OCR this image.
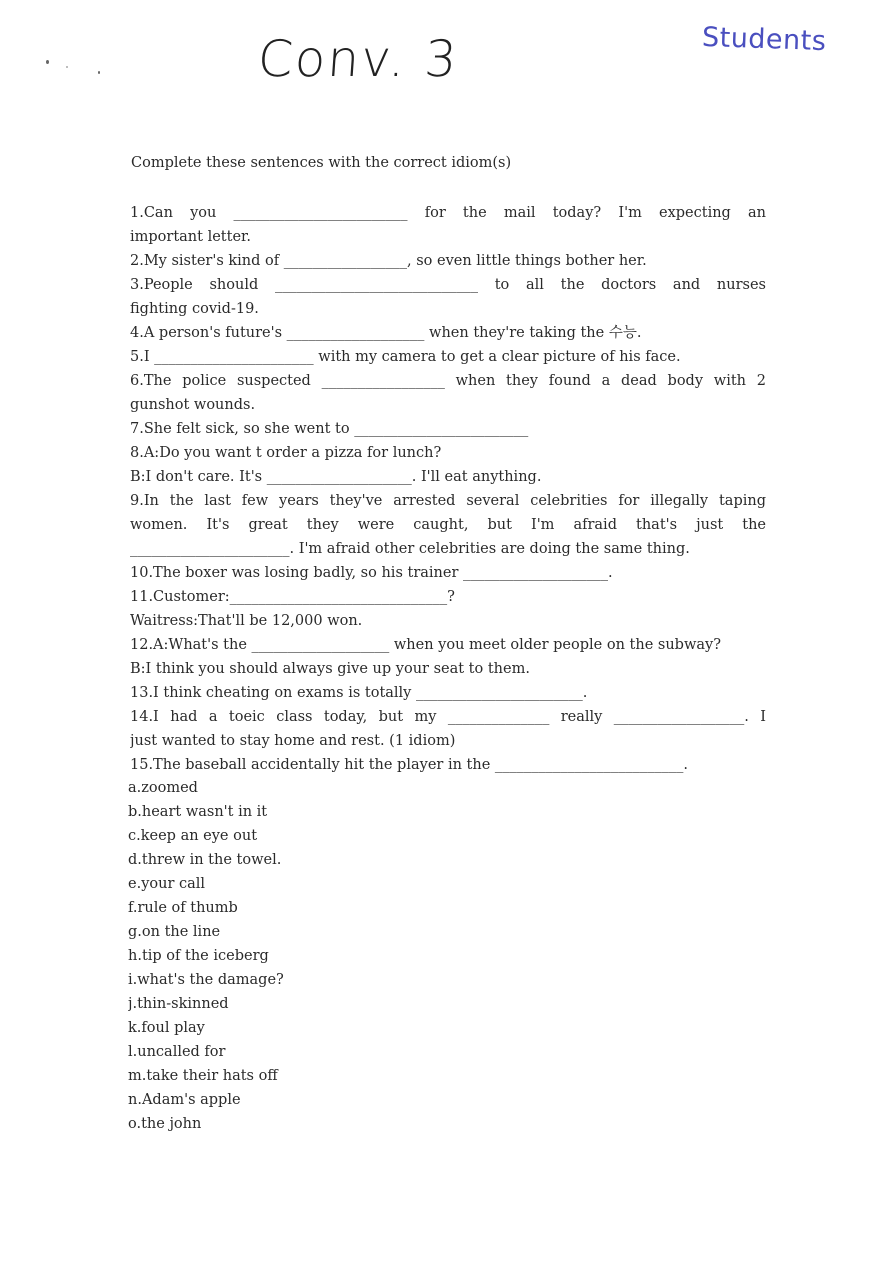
Conv. 3	Students
Complete these sentences with the correct idiom(s)
1.Can you ________________________ for the mail today? I'm expecting an
important letter.
2.My sister's kind of _________________, so even little things bother her.
3.People should ____________________________ to all the doctors and nurses
fighting covid-19.
4.A person's future's ___________________ when they're taking the 수능.
5.I ______________________ with my camera to get a clear picture of his face.
6.The police suspected _________________ when they found a dead body with 2
gunshot wounds.
7.She felt sick, so she went to ________________________
8.A:Do you want t order a pizza for lunch?
B:I don't care. It's ____________________. I'll eat anything.
9.In the last few years they've arrested several celebrities for illegally taping
women. It's great they were caught, but I'm afraid that's just the
______________________. I'm afraid other celebrities are doing the same thing.
10.The boxer was losing badly, so his trainer ____________________.
11.Customer:______________________________?
Waitress:That'll be 12,000 won.
12.A:What's the ___________________ when you meet older people on the subway?
B:I think you should always give up your seat to them.
13.I think cheating on exams is totally _______________________.
14.I had a toeic class today, but my ______________ really __________________. I
just wanted to stay home and rest. (1 idiom)
15.The baseball accidentally hit the player in the __________________________.
a.zoomed
b.heart wasn't in it
c.keep an eye out
d.threw in the towel.
e.your call
f.rule of thumb
g.on the line
h.tip of the iceberg
i.what's the damage?
j.thin-skinned
k.foul play
l.uncalled for
m.take their hats off
n.Adam's apple
o.the john
